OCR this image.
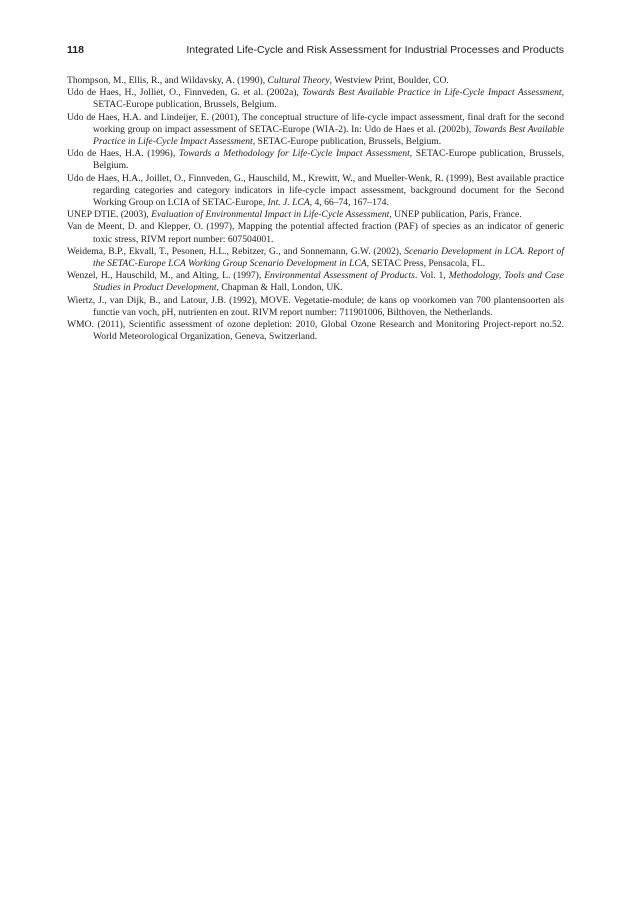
118	Integrated Life-Cycle and Risk Assessment for Industrial Processes and Products
Thompson, M., Ellis, R., and Wildavsky, A. (1990), Cultural Theory, Westview Print, Boulder, CO.
Udo de Haes, H., Jolliet, O., Finnveden, G. et al. (2002a), Towards Best Available Practice in Life-Cycle Impact Assessment, SETAC-Europe publication, Brussels, Belgium.
Udo de Haes, H.A. and Lindeijer, E. (2001), The conceptual structure of life-cycle impact assessment, final draft for the second working group on impact assessment of SETAC-Europe (WIA-2). In: Udo de Haes et al. (2002b), Towards Best Available Practice in Life-Cycle Impact Assessment, SETAC-Europe publication, Brussels, Belgium.
Udo de Haes, H.A. (1996), Towards a Methodology for Life-Cycle Impact Assessment, SETAC-Europe publication, Brussels, Belgium.
Udo de Haes, H.A., Joillet, O., Finnveden, G., Hauschild, M., Krewitt, W., and Mueller-Wenk, R. (1999), Best available practice regarding categories and category indicators in life-cycle impact assessment, background document for the Second Working Group on LCIA of SETAC-Europe, Int. J. LCA, 4, 66–74, 167–174.
UNEP DTIE. (2003), Evaluation of Environmental Impact in Life-Cycle Assessment, UNEP publication, Paris, France.
Van de Meent, D. and Klepper, O. (1997), Mapping the potential affected fraction (PAF) of species as an indicator of generic toxic stress, RIVM report number: 607504001.
Weidema, B.P., Ekvall, T., Pesonen, H.L., Rebitzer, G., and Sonnemann, G.W. (2002), Scenario Development in LCA. Report of the SETAC-Europe LCA Working Group Scenario Development in LCA, SETAC Press, Pensacola, FL.
Wenzel, H., Hauschild, M., and Alting, L. (1997), Environmental Assessment of Products. Vol. 1, Methodology, Tools and Case Studies in Product Development, Chapman & Hall, London, UK.
Wiertz, J., van Dijk, B., and Latour, J.B. (1992), MOVE. Vegetatie-module; de kans op voorkomen van 700 plantensoorten als functie van voch, pH, nutrienten en zout. RIVM report number: 711901006, Bilthoven, the Netherlands.
WMO. (2011), Scientific assessment of ozone depletion: 2010, Global Ozone Research and Monitoring Project-report no.52. World Meteorological Organization, Geneva, Switzerland.
